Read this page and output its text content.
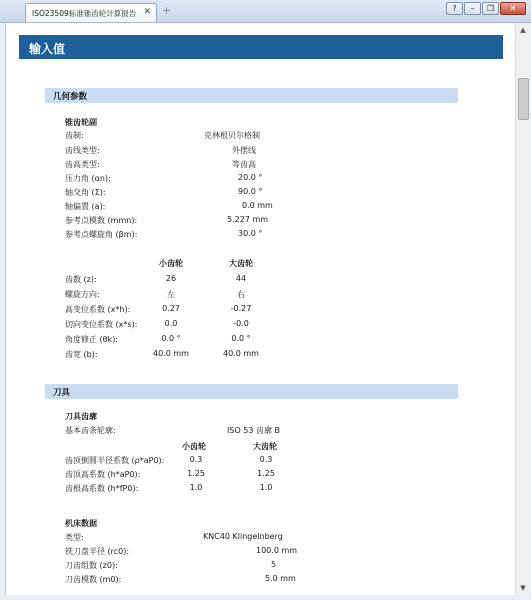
ISO23509标准锥齿轮计算报告 ✕ +	?	–	❐	✕
输入值
几何参数
锥齿轮副
齿制:	克林根贝尔格制
齿线类型:	外摆线
齿高类型:	等齿高
压力角 (αn):	20.0 °
轴交角 (Σ):	90.0 °
轴偏置 (a):	0.0 mm
参考点模数 (mmn):	5.227 mm
参考点螺旋角 (βm):	30.0 °
小齿轮	大齿轮
齿数 (z):	26	44
螺旋方向:	左	右
高变位系数 (x*h):	0.27	-0.27
切向变位系数 (x*s):	0.0	-0.0
角度修正 (θk):	0.0 °	0.0 °
齿宽 (b):	40.0 mm	40.0 mm
刀具
刀具齿廓
基本齿条轮廓:	ISO 53 齿廓 B
小齿轮	大齿轮
齿顶倒圆半径系数 (ρ*aP0):	0.3	0.3
齿顶高系数 (h*aP0):	1.25	1.25
齿根高系数 (h*fP0):	1.0	1.0
机床数据
类型:	KNC40 Klingelnberg
铣刀盘半径 (rc0):	100.0 mm
刀齿组数 (z0):	5
刀齿模数 (m0):	5.0 mm
▲
▼
